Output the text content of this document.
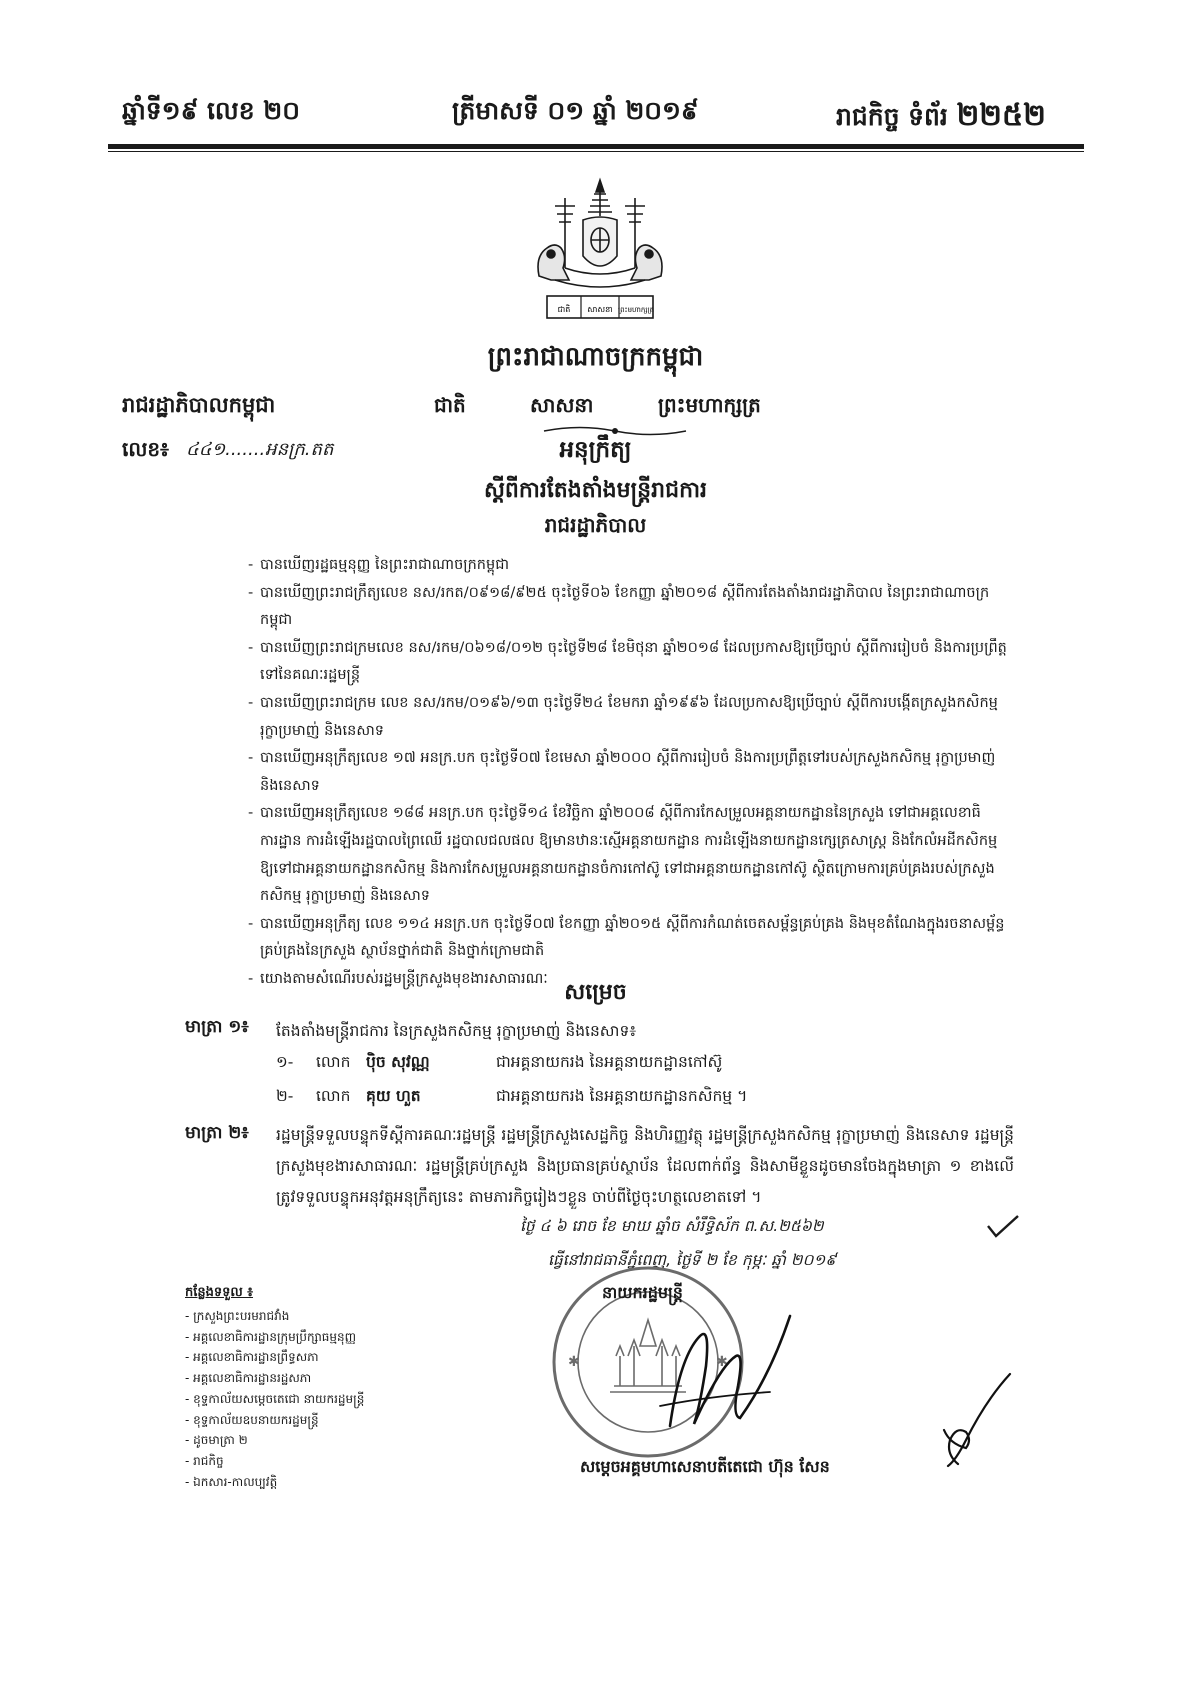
ឆ្នាំទី១៩ លេខ ២០	ត្រីមាសទី ០១ ឆ្នាំ ២០១៩	រាជកិច្ច ទំព័រ ២២៥២
ជាតិ សាសនា ព្រះមហាក្សត្រ
ព្រះរាជាណាចក្រកម្ពុជា
រាជរដ្ឋាភិបាលកម្ពុជា	ជាតិ	សាសនា	ព្រះមហាក្សត្រ
លេខ៖ ៤៤១.......អនក្រ.តត	អនុក្រឹត្យ
ស្តីពីការតែងតាំងមន្ត្រីរាជការ
រាជរដ្ឋាភិបាល
- បានឃើញរដ្ឋធម្មនុញ្ញ នៃព្រះរាជាណាចក្រកម្ពុជា
- បានឃើញព្រះរាជក្រឹត្យលេខ នស/រកត/០៩១៨/៩២៥ ចុះថ្ងៃទី០៦ ខែកញ្ញា ឆ្នាំ២០១៨ ស្តីពីការតែងតាំងរាជរដ្ឋាភិបាល នៃព្រះរាជាណាចក្រកម្ពុជា
- បានឃើញព្រះរាជក្រមលេខ នស/រកម/០៦១៨/០១២ ចុះថ្ងៃទី២៨ ខែមិថុនា ឆ្នាំ២០១៨ ដែលប្រកាសឱ្យប្រើច្បាប់ ស្តីពីការរៀបចំ និងការប្រព្រឹត្តទៅនៃគណៈរដ្ឋមន្ត្រី
- បានឃើញព្រះរាជក្រម លេខ នស/រកម/០១៩៦/១៣ ចុះថ្ងៃទី២៤ ខែមករា ឆ្នាំ១៩៩៦ ដែលប្រកាសឱ្យប្រើច្បាប់ ស្តីពីការបង្កើតក្រសួងកសិកម្ម រុក្ខាប្រមាញ់ និងនេសាទ
- បានឃើញអនុក្រឹត្យលេខ ១៧ អនក្រ.បក ចុះថ្ងៃទី០៧ ខែមេសា ឆ្នាំ២០០០ ស្តីពីការរៀបចំ និងការប្រព្រឹត្តទៅរបស់ក្រសួងកសិកម្ម រុក្ខាប្រមាញ់ និងនេសាទ
- បានឃើញអនុក្រឹត្យលេខ ១៨៨ អនក្រ.បក ចុះថ្ងៃទី១៤ ខែវិច្ឆិកា ឆ្នាំ២០០៨ ស្តីពីការកែសម្រួលអគ្គនាយកដ្ឋាននៃក្រសួង ទៅជាអគ្គលេខាធិការដ្ឋាន ការដំឡើងរដ្ឋបាលព្រៃឈើ រដ្ឋបាលជលផល ឱ្យមានឋានៈស្មើអគ្គនាយកដ្ឋាន ការដំឡើងនាយកដ្ឋានក្សេត្រសាស្ត្រ និងកែលំអដីកសិកម្ម ឱ្យទៅជាអគ្គនាយកដ្ឋានកសិកម្ម និងការកែសម្រួលអគ្គនាយកដ្ឋានចំការកៅស៊ូ ទៅជាអគ្គនាយកដ្ឋានកៅស៊ូ ស្ថិតក្រោមការគ្រប់គ្រងរបស់ក្រសួងកសិកម្ម រុក្ខាប្រមាញ់ និងនេសាទ
- បានឃើញអនុក្រឹត្យ លេខ ១១៤ អនក្រ.បក ចុះថ្ងៃទី០៧ ខែកញ្ញា ឆ្នាំ២០១៥ ស្តីពីការកំណត់ចេតសម្ព័ន្ធគ្រប់គ្រង និងមុខតំណែងក្នុងរចនាសម្ព័ន្ធគ្រប់គ្រងនៃក្រសួង ស្ថាប័នថ្នាក់ជាតិ និងថ្នាក់ក្រោមជាតិ
- យោងតាមសំណើរបស់រដ្ឋមន្ត្រីក្រសួងមុខងារសាធារណៈ
សម្រេច
មាត្រា ១៖ តែងតាំងមន្ត្រីរាជការ នៃក្រសួងកសិកម្ម រុក្ខាប្រមាញ់ និងនេសាទ៖
១- លោក ប៉ិច សុវណ្ណ	ជាអគ្គនាយករង នៃអគ្គនាយកដ្ឋានកៅស៊ូ
២- លោក គុយ ហួត	ជាអគ្គនាយករង នៃអគ្គនាយកដ្ឋានកសិកម្ម ។
មាត្រា ២៖ រដ្ឋមន្ត្រីទទួលបន្ទុកទីស្តីការគណៈរដ្ឋមន្ត្រី រដ្ឋមន្ត្រីក្រសួងសេដ្ឋកិច្ច និងហិរញ្ញវត្ថុ រដ្ឋមន្ត្រីក្រសួងកសិកម្ម រុក្ខាប្រមាញ់ និងនេសាទ រដ្ឋមន្ត្រីក្រសួងមុខងារសាធារណៈ រដ្ឋមន្ត្រីគ្រប់ក្រសួង និងប្រធានគ្រប់ស្ថាប័ន ដែលពាក់ព័ន្ធ និងសាមីខ្លួនដូចមានចែងក្នុងមាត្រា ១ ខាងលើ ត្រូវទទួលបន្ទុកអនុវត្តអនុក្រឹត្យនេះ តាមភារកិច្ចរៀងៗខ្លួន ចាប់ពីថ្ងៃចុះហត្ថលេខាតទៅ ។
ថ្ងៃ ៤ ៦ រោច ខែ មាឃ ឆ្នាំច សំរឹទ្ធិស័ក ព.ស.២៥៦២
ធ្វើនៅរាជធានីភ្នំពេញ, ថ្ងៃទី ២ ខែ កុម្ភៈ ឆ្នាំ ២០១៩
✱	✱
នាយករដ្ឋមន្ត្រី
សម្តេចអគ្គមហាសេនាបតីតេជោ ហ៊ុន សែន
កន្លែងទទួល ៖
- ក្រសួងព្រះបរមរាជវាំង
- អគ្គលេខាធិការដ្ឋានក្រុមប្រឹក្សាធម្មនុញ្ញ
- អគ្គលេខាធិការដ្ឋានព្រឹទ្ធសភា
- អគ្គលេខាធិការដ្ឋានរដ្ឋសភា
- ខុទ្ទកាល័យសម្តេចតេជោ នាយករដ្ឋមន្ត្រី
- ខុទ្ទកាល័យឧបនាយករដ្ឋមន្ត្រី
- ដូចមាត្រា ២
- រាជកិច្ច
- ឯកសារ-កាលប្បវត្តិ
